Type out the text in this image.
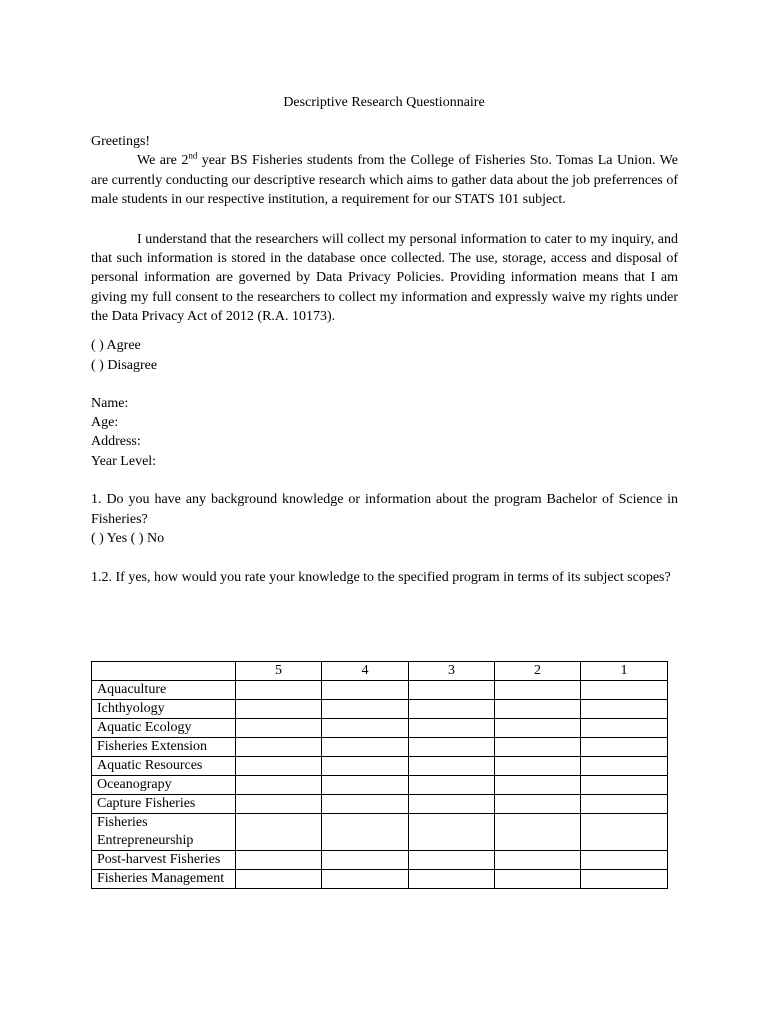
Descriptive Research Questionnaire

Greetings!

We are 2nd year BS Fisheries students from the College of Fisheries Sto. Tomas La Union. We are currently conducting our descriptive research which aims to gather data about the job preferrences of male students in our respective institution, a requirement for our STATS 101 subject.

I understand that the researchers will collect my personal information to cater to my inquiry, and that such information is stored in the database once collected. The use, storage, access and disposal of personal information are governed by Data Privacy Policies. Providing information means that I am giving my full consent to the researchers to collect my information and expressly waive my rights under the Data Privacy Act of 2012 (R.A. 10173).

( ) Agree

( ) Disagree

Name:

Age:

Address:

Year Level:

1. Do you have any background knowledge or information about the program Bachelor of Science in Fisheries?

( ) Yes ( ) No

1.2. If yes, how would you rate your knowledge to the specified program in terms of its subject scopes?

	5	4	3	2	1
Aquaculture					
Ichthyology					
Aquatic Ecology					
Fisheries Extension					
Aquatic Resources					
Oceanograpy					
Capture Fisheries					
Fisheries Entrepreneurship					
Post-harvest Fisheries					
Fisheries Management					
